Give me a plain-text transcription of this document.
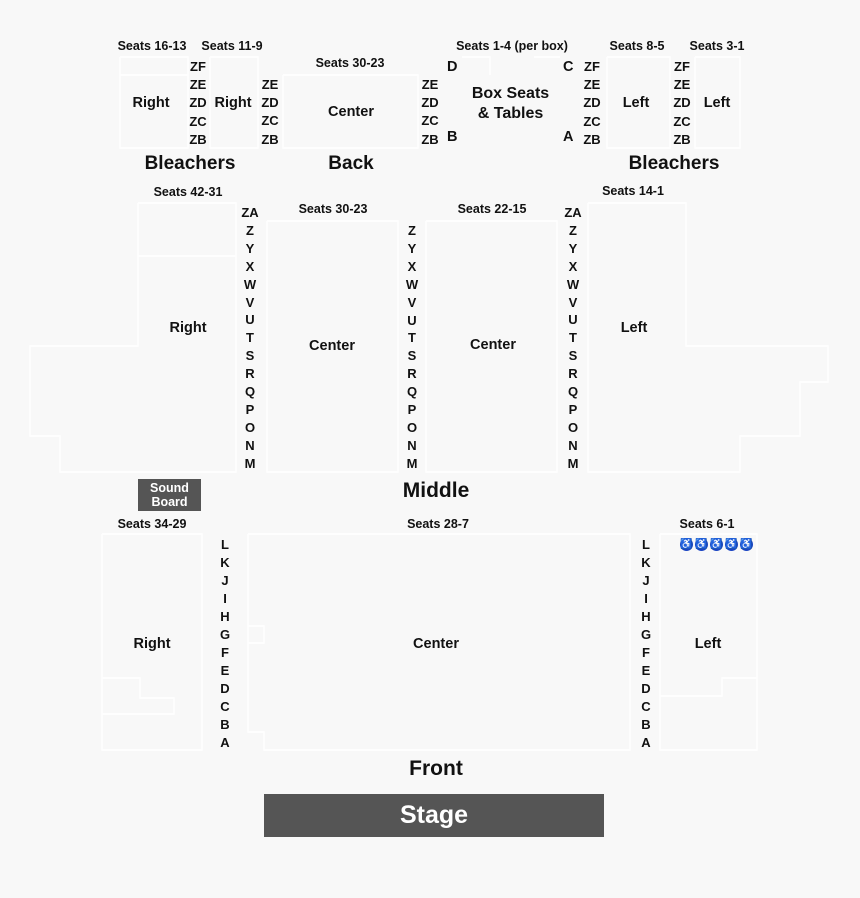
Seats 16-13 Seats 11-9
Seats 30-23
Seats 1-4 (per box)	Seats 8-5 Seats 3-1
Right	Right
Center
Left	Left
Box Seats
& Tables
D	C
B	A
ZF
ZE
ZD
ZC
ZB
ZE
ZD
ZC
ZB
ZE
ZD
ZC
ZB
ZF
ZE
ZD
ZC
ZB
ZF
ZE
ZD
ZC
ZB
Bleachers	Back	Bleachers
Seats 42-31
Seats 30-23	Seats 22-15
Seats 14-1
Right
Center	Center
Left
ZA
Z
Y
X
W
V
U
T
S
R
Q
P
O
N
M
Z
Y
X
W
V
U
T
S
R
Q
P
O
N
M
ZA
Z
Y
X
W
V
U
T
S
R
Q
P
O
N
M
Sound
Board	Middle
Seats 34-29	Seats 28-7	Seats 6-1
♿ ♿ ♿ ♿ ♿
Right	Center	Left
L
K
J
I
H
G
F
E
D
C
B
A
L
K
J
I
H
G
F
E
D
C
B
A
Front
Stage
